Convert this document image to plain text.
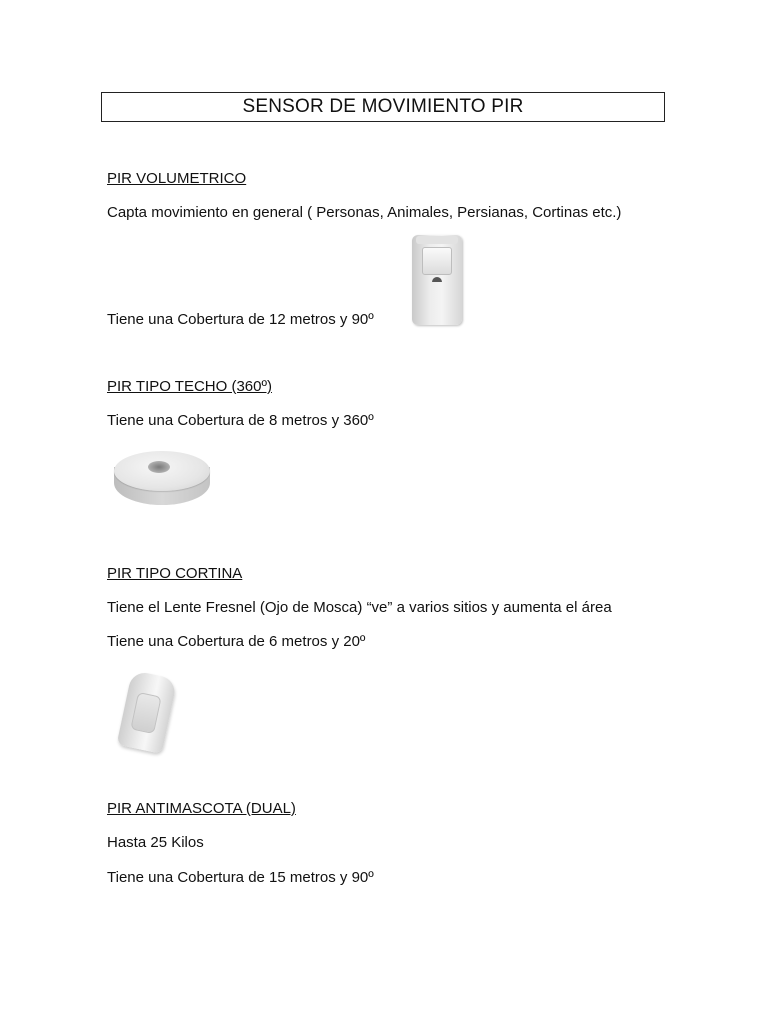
SENSOR DE MOVIMIENTO PIR
PIR VOLUMETRICO
Capta movimiento en general ( Personas, Animales, Persianas, Cortinas etc.)
Tiene una Cobertura de 12 metros y 90º
PIR TIPO TECHO (360º)
Tiene una Cobertura de 8 metros y 360º
PIR TIPO CORTINA
Tiene el Lente Fresnel (Ojo de Mosca) “ve” a varios sitios y aumenta el área
Tiene una Cobertura de 6 metros y 20º
PIR ANTIMASCOTA (DUAL)
Hasta 25 Kilos
Tiene una Cobertura de 15 metros y 90º
